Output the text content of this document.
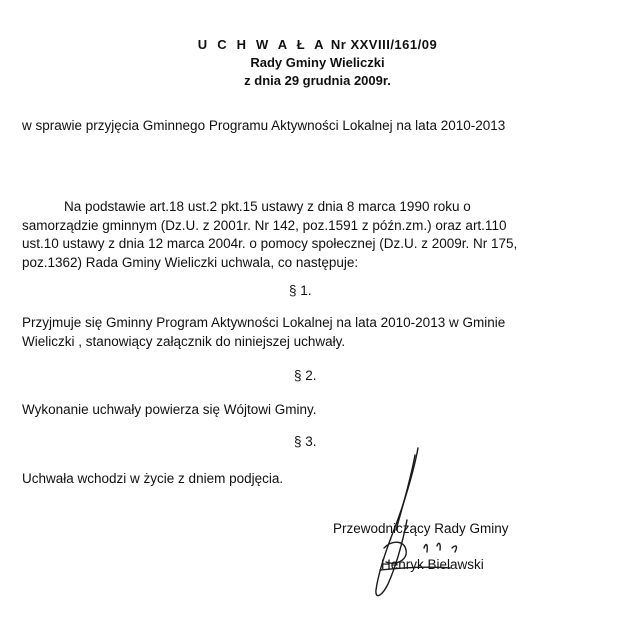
U C H W A Ł A Nr XXVIII/161/09
Rady Gminy Wieliczki
z dnia 29 grudnia 2009r.
w sprawie przyjęcia Gminnego Programu Aktywności Lokalnej na lata 2010-2013
Na podstawie art.18 ust.2 pkt.15 ustawy z dnia 8 marca 1990 roku o
samorządzie gminnym (Dz.U. z 2001r. Nr 142, poz.1591 z późn.zm.) oraz art.110
ust.10 ustawy z dnia 12 marca 2004r. o pomocy społecznej (Dz.U. z 2009r. Nr 175,
poz.1362) Rada Gminy Wieliczki uchwala, co następuje:
§ 1.
Przyjmuje się Gminny Program Aktywności Lokalnej na lata 2010-2013 w Gminie
Wieliczki , stanowiący załącznik do niniejszej uchwały.
§ 2.
Wykonanie uchwały powierza się Wójtowi Gminy.
§ 3.
Uchwała wchodzi w życie z dniem podjęcia.
Przewodniczący Rady Gminy
Henryk Bielawski
